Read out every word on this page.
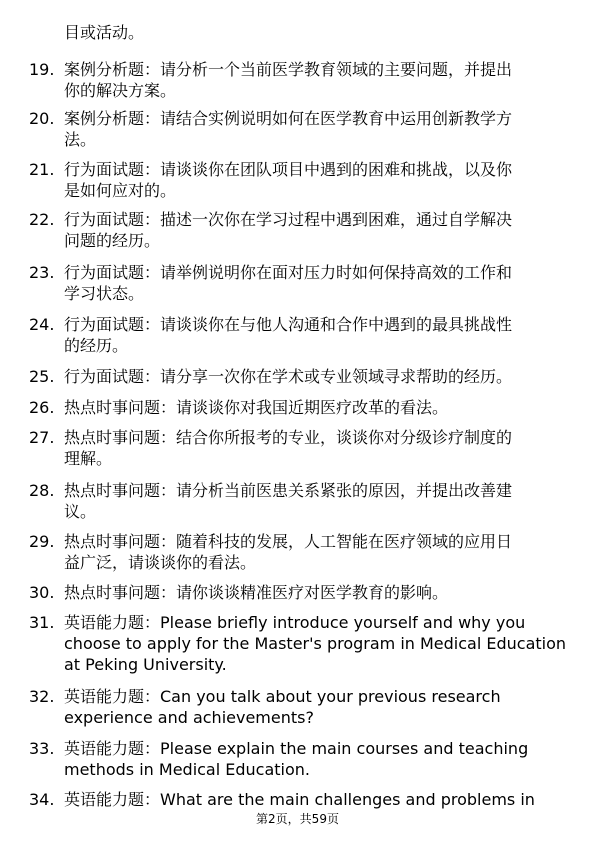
目或活动。
19. 案例分析题：请分析一个当前医学教育领域的主要问题，并提出
你的解决方案。
20. 案例分析题：请结合实例说明如何在医学教育中运用创新教学方
法。
21. 行为面试题：请谈谈你在团队项目中遇到的困难和挑战，以及你
是如何应对的。
22. 行为面试题：描述一次你在学习过程中遇到困难，通过自学解决
问题的经历。
23. 行为面试题：请举例说明你在面对压力时如何保持高效的工作和
学习状态。
24. 行为面试题：请谈谈你在与他人沟通和合作中遇到的最具挑战性
的经历。
25. 行为面试题：请分享一次你在学术或专业领域寻求帮助的经历。
26. 热点时事问题：请谈谈你对我国近期医疗改革的看法。
27. 热点时事问题：结合你所报考的专业，谈谈你对分级诊疗制度的
理解。
28. 热点时事问题：请分析当前医患关系紧张的原因，并提出改善建
议。
29. 热点时事问题：随着科技的发展，人工智能在医疗领域的应用日
益广泛，请谈谈你的看法。
30. 热点时事问题：请你谈谈精准医疗对医学教育的影响。
31. 英语能力题：Please briefly introduce yourself and why you
choose to apply for the Master's program in Medical Education
at Peking University.
32. 英语能力题：Can you talk about your previous research
experience and achievements?
33. 英语能力题：Please explain the main courses and teaching
methods in Medical Education.
34. 英语能力题：What are the main challenges and problems in
第2页，共59页
